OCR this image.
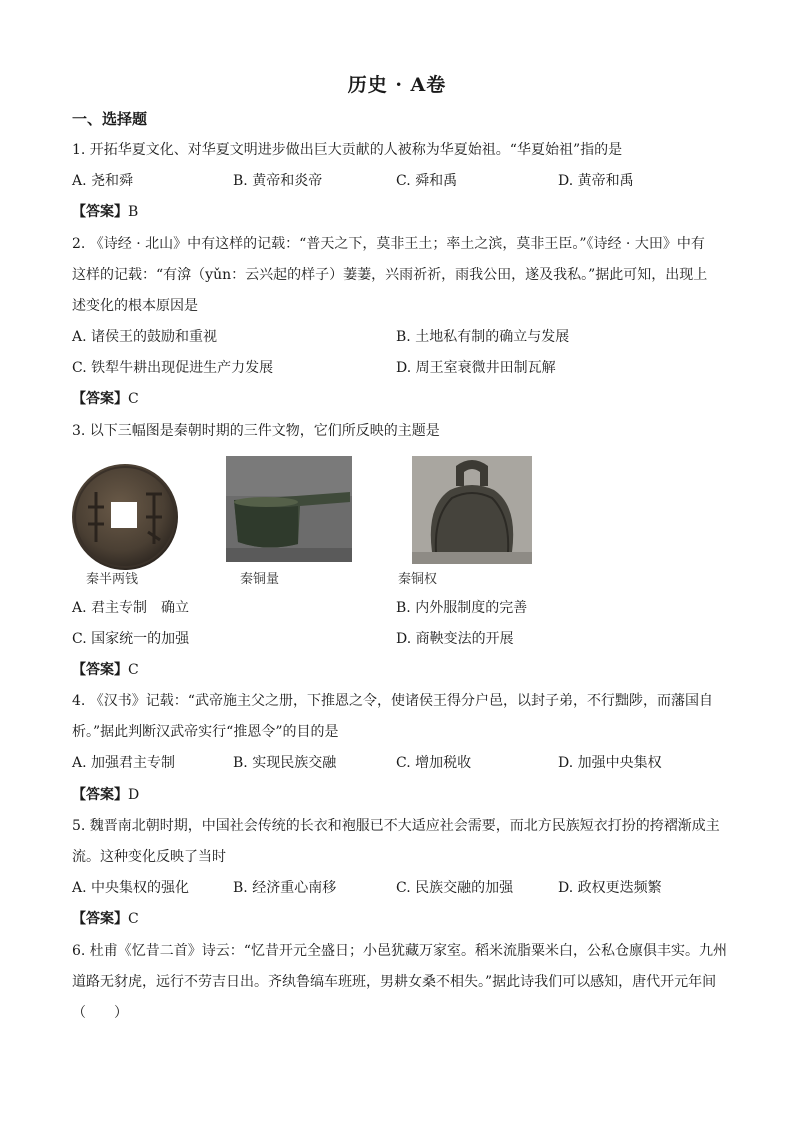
历史 · A卷
一、选择题
1. 开拓华夏文化、对华夏文明进步做出巨大贡献的人被称为华夏始祖。“华夏始祖”指的是
A. 尧和舜	B. 黄帝和炎帝	C. 舜和禹	D. 黄帝和禹
【答案】B
2. 《诗经 · 北山》中有这样的记载：“普天之下，莫非王土；率土之滨，莫非王臣。”《诗经 · 大田》中有
这样的记载：“有渰（yǔn：云兴起的样子）萋萋，兴雨祈祈，雨我公田，遂及我私。”据此可知，出现上
述变化的根本原因是
A. 诸侯王的鼓励和重视	B. 土地私有制的确立与发展
C. 铁犁牛耕出现促进生产力发展	D. 周王室衰微井田制瓦解
【答案】C
3. 以下三幅图是秦朝时期的三件文物，它们所反映的主题是
秦半两钱	秦铜量	秦铜权
A. 君主专制　确立	B. 内外服制度的完善
C. 国家统一的加强	D. 商鞅变法的开展
【答案】C
4. 《汉书》记载：“武帝施主父之册，下推恩之令，使诸侯王得分户邑，以封子弟，不行黜陟，而藩国自
析。”据此判断汉武帝实行“推恩令”的目的是
A. 加强君主专制	B. 实现民族交融	C. 增加税收	D. 加强中央集权
【答案】D
5. 魏晋南北朝时期，中国社会传统的长衣和袍服已不大适应社会需要，而北方民族短衣打扮的挎褶渐成主
流。这种变化反映了当时
A. 中央集权的强化	B. 经济重心南移	C. 民族交融的加强	D. 政权更迭频繁
【答案】C
6. 杜甫《忆昔二首》诗云：“忆昔开元全盛日；小邑犹藏万家室。稻米流脂粟米白，公私仓廪俱丰实。九州
道路无豺虎，远行不劳吉日出。齐纨鲁缟车班班，男耕女桑不相失。”据此诗我们可以感知，唐代开元年间
（　　）
